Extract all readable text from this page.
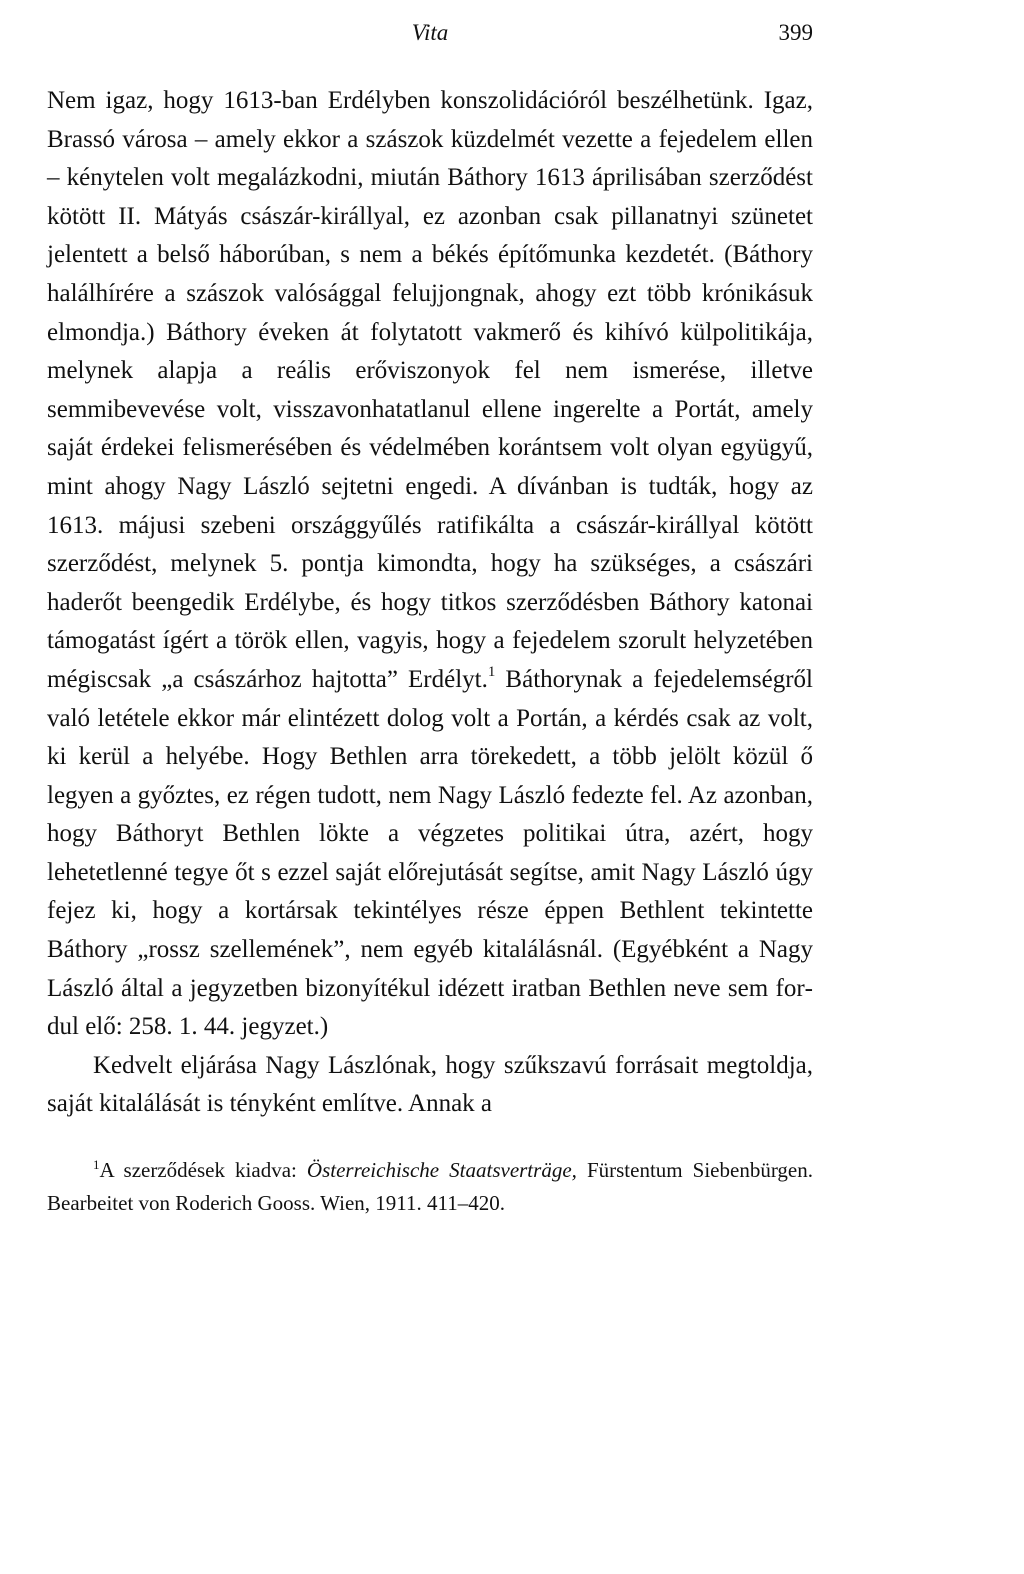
Vita	399

Nem igaz, hogy 1613-ban Erdélyben konszolidációról beszélhetünk. Igaz, Brassó városa – amely ekkor a szászok küzdelmét vezette a fejedelem ellen – kénytelen volt megalázkodni, miután Báthory 1613 áprilisában szerződést kötött II. Mátyás császár-királlyal, ez azonban csak pillanatnyi szünetet jelentett a belső háborúban, s nem a békés építőmunka kezdetét. (Báthory halálhírére a szászok valósággal felujjongnak, ahogy ezt több krónikásuk elmondja.) Báthory éveken át folytatott vakmerő és kihívó külpolitikája, melynek alapja a reális erőviszonyok fel nem ismerése, illetve semmibevevése volt, visszavonhatatlanul ellene ingerelte a Portát, amely saját érdekei felismerésében és védelmében korántsem volt olyan együgyű, mint ahogy Nagy László sejtetni engedi. A dívánban is tudták, hogy az 1613. májusi szebeni országgyűlés ratifikálta a császár-királlyal kötött szerződést, melynek 5. pontja kimondta, hogy ha szükséges, a császári haderőt beengedik Erdélybe, és hogy titkos szerződésben Báthory katonai támogatást ígért a török ellen, vagyis, hogy a fejedelem szorult helyzetében mégiscsak „a császárhoz hajtotta” Erdélyt.$^1$ Báthorynak a fejedelemségről való letétele ekkor már elintézett dolog volt a Portán, a kérdés csak az volt, ki kerül a helyébe. Hogy Bethlen arra törekedett, a több jelölt közül ő legyen a győztes, ez régen tudott, nem Nagy László fedezte fel. Az azonban, hogy Báthoryt Bethlen lökte a végzetes politikai útra, azért, hogy lehetetlenné tegye őt s ezzel saját előrejutását segítse, amit Nagy László úgy fejez ki, hogy a kortársak tekintélyes része éppen Bethlent tekintette Báthory „rossz szellemének”, nem egyéb kitalálásnál. (Egyébként a Nagy László által a jegyzetben bizonyítékul idézett iratban Bethlen neve sem fordul elő: 258. 1. 44. jegyzet.)

Kedvelt eljárása Nagy Lászlónak, hogy szűkszavú forrásait megtoldja, saját kitalálását is tényként említve. Annak a

$^1$A szerződések kiadva: Österreichische Staatsverträge, Fürstentum Siebenbürgen. Bearbeitet von Roderich Gooss. Wien, 1911. 411–420.
